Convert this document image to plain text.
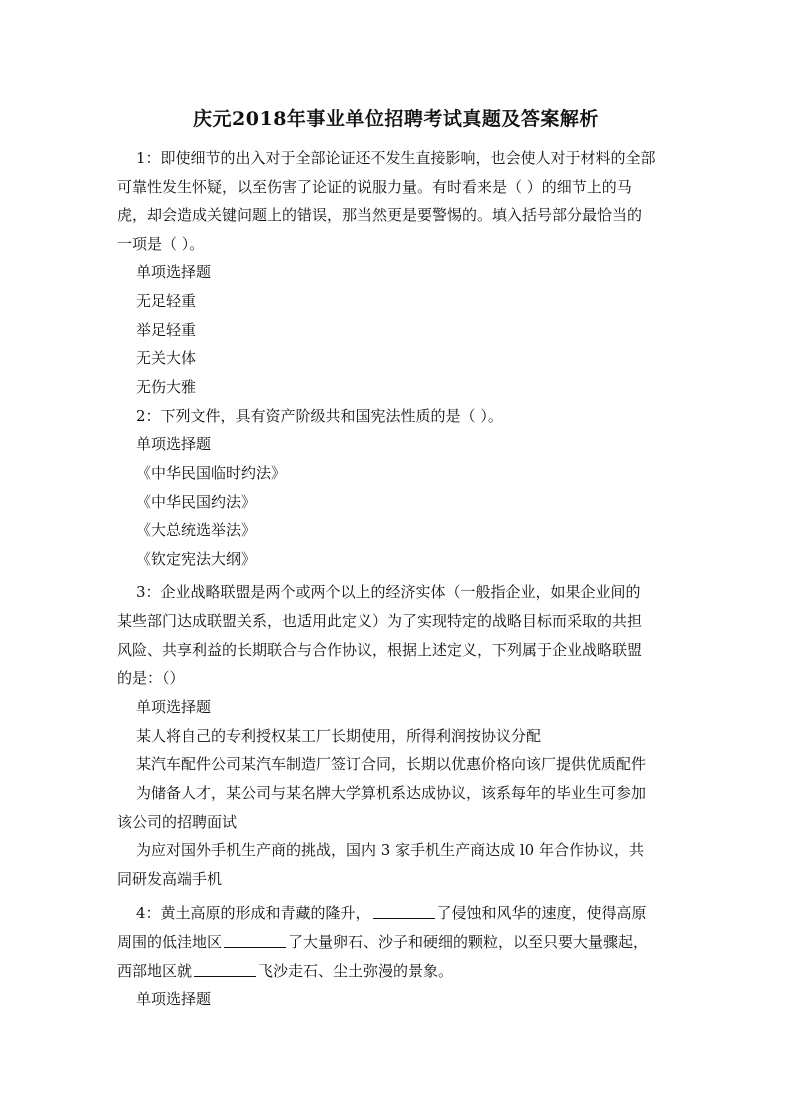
庆元2018年事业单位招聘考试真题及答案解析
1：即使细节的出入对于全部论证还不发生直接影响，也会使人对于材料的全部
可靠性发生怀疑，以至伤害了论证的说服力量。有时看来是（ ）的细节上的马
虎，却会造成关键问题上的错误，那当然更是要警惕的。填入括号部分最恰当的
一项是（ ）。
单项选择题
无足轻重
举足轻重
无关大体
无伤大雅
2：下列文件，具有资产阶级共和国宪法性质的是（ ）。
单项选择题
《中华民国临时约法》
《中华民国约法》
《大总统选举法》
《钦定宪法大纲》
3：企业战略联盟是两个或两个以上的经济实体（一般指企业，如果企业间的
某些部门达成联盟关系，也适用此定义）为了实现特定的战略目标而采取的共担
风险、共享利益的长期联合与合作协议，根据上述定义，下列属于企业战略联盟
的是：（）
单项选择题
某人将自己的专利授权某工厂长期使用，所得利润按协议分配
某汽车配件公司某汽车制造厂签订合同，长期以优惠价格向该厂提供优质配件
为储备人才，某公司与某名牌大学算机系达成协议，该系每年的毕业生可参加
该公司的招聘面试
为应对国外手机生产商的挑战，国内 3 家手机生产商达成 l0 年合作协议，共
同研发高端手机
4：黄土高原的形成和青藏的隆升，	了侵蚀和风华的速度，使得高原
周围的低洼地区	了大量卵石、沙子和硬细的颗粒，以至只要大量骤起，
西部地区就	飞沙走石、尘土弥漫的景象。
单项选择题
